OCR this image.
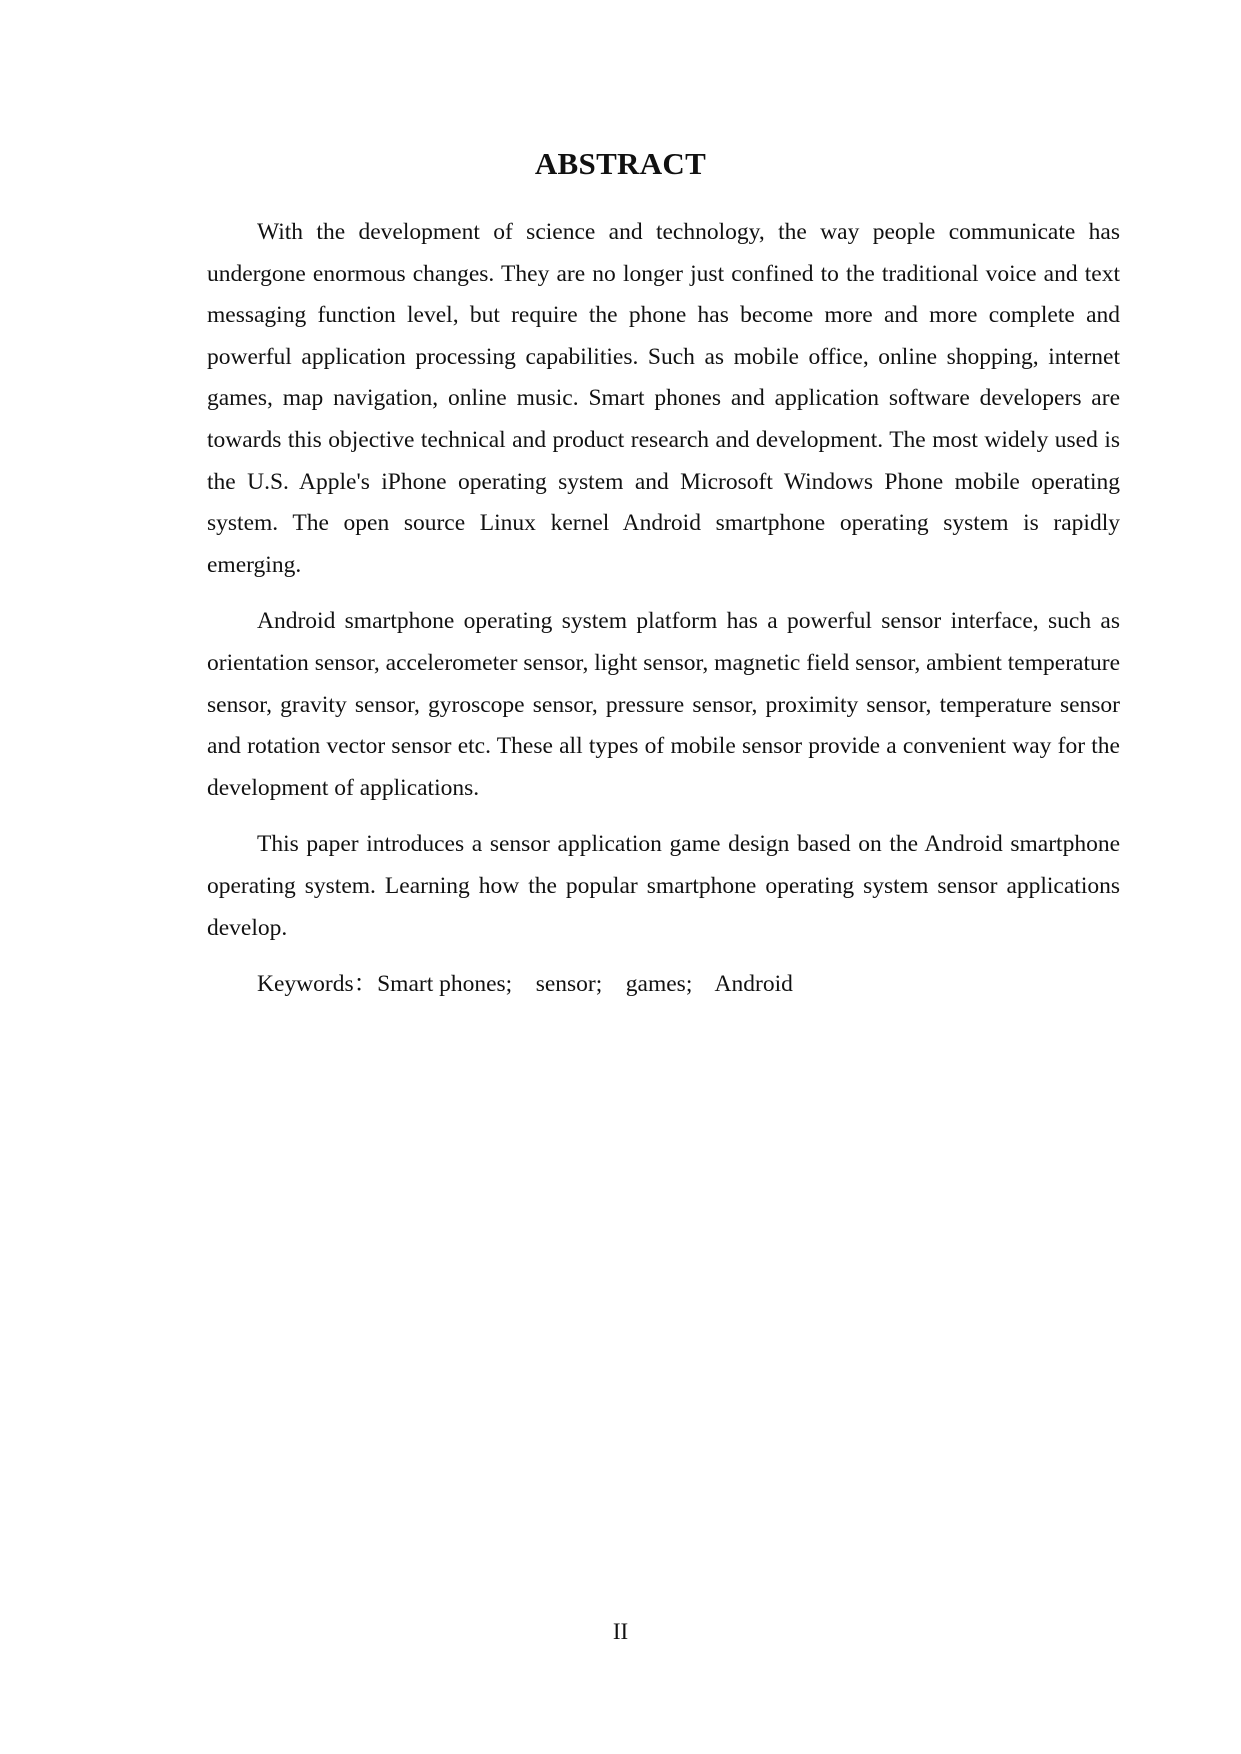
ABSTRACT

With the development of science and technology, the way people communicate has undergone enormous changes. They are no longer just confined to the traditional voice and text messaging function level, but require the phone has become more and more complete and powerful application processing capabilities. Such as mobile office, online shopping, internet games, map navigation, online music. Smart phones and application software developers are towards this objective technical and product research and development. The most widely used is the U.S. Apple's iPhone operating system and Microsoft Windows Phone mobile operating system. The open source Linux kernel Android smartphone operating system is rapidly emerging.

Android smartphone operating system platform has a powerful sensor interface, such as orientation sensor, accelerometer sensor, light sensor, magnetic field sensor, ambient temperature sensor, gravity sensor, gyroscope sensor, pressure sensor, proximity sensor, temperature sensor and rotation vector sensor etc. These all types of mobile sensor provide a convenient way for the development of applications.

This paper introduces a sensor application game design based on the Android smartphone operating system. Learning how the popular smartphone operating system sensor applications develop.

Keywords：Smart phones;    sensor;    games;    Android

II
